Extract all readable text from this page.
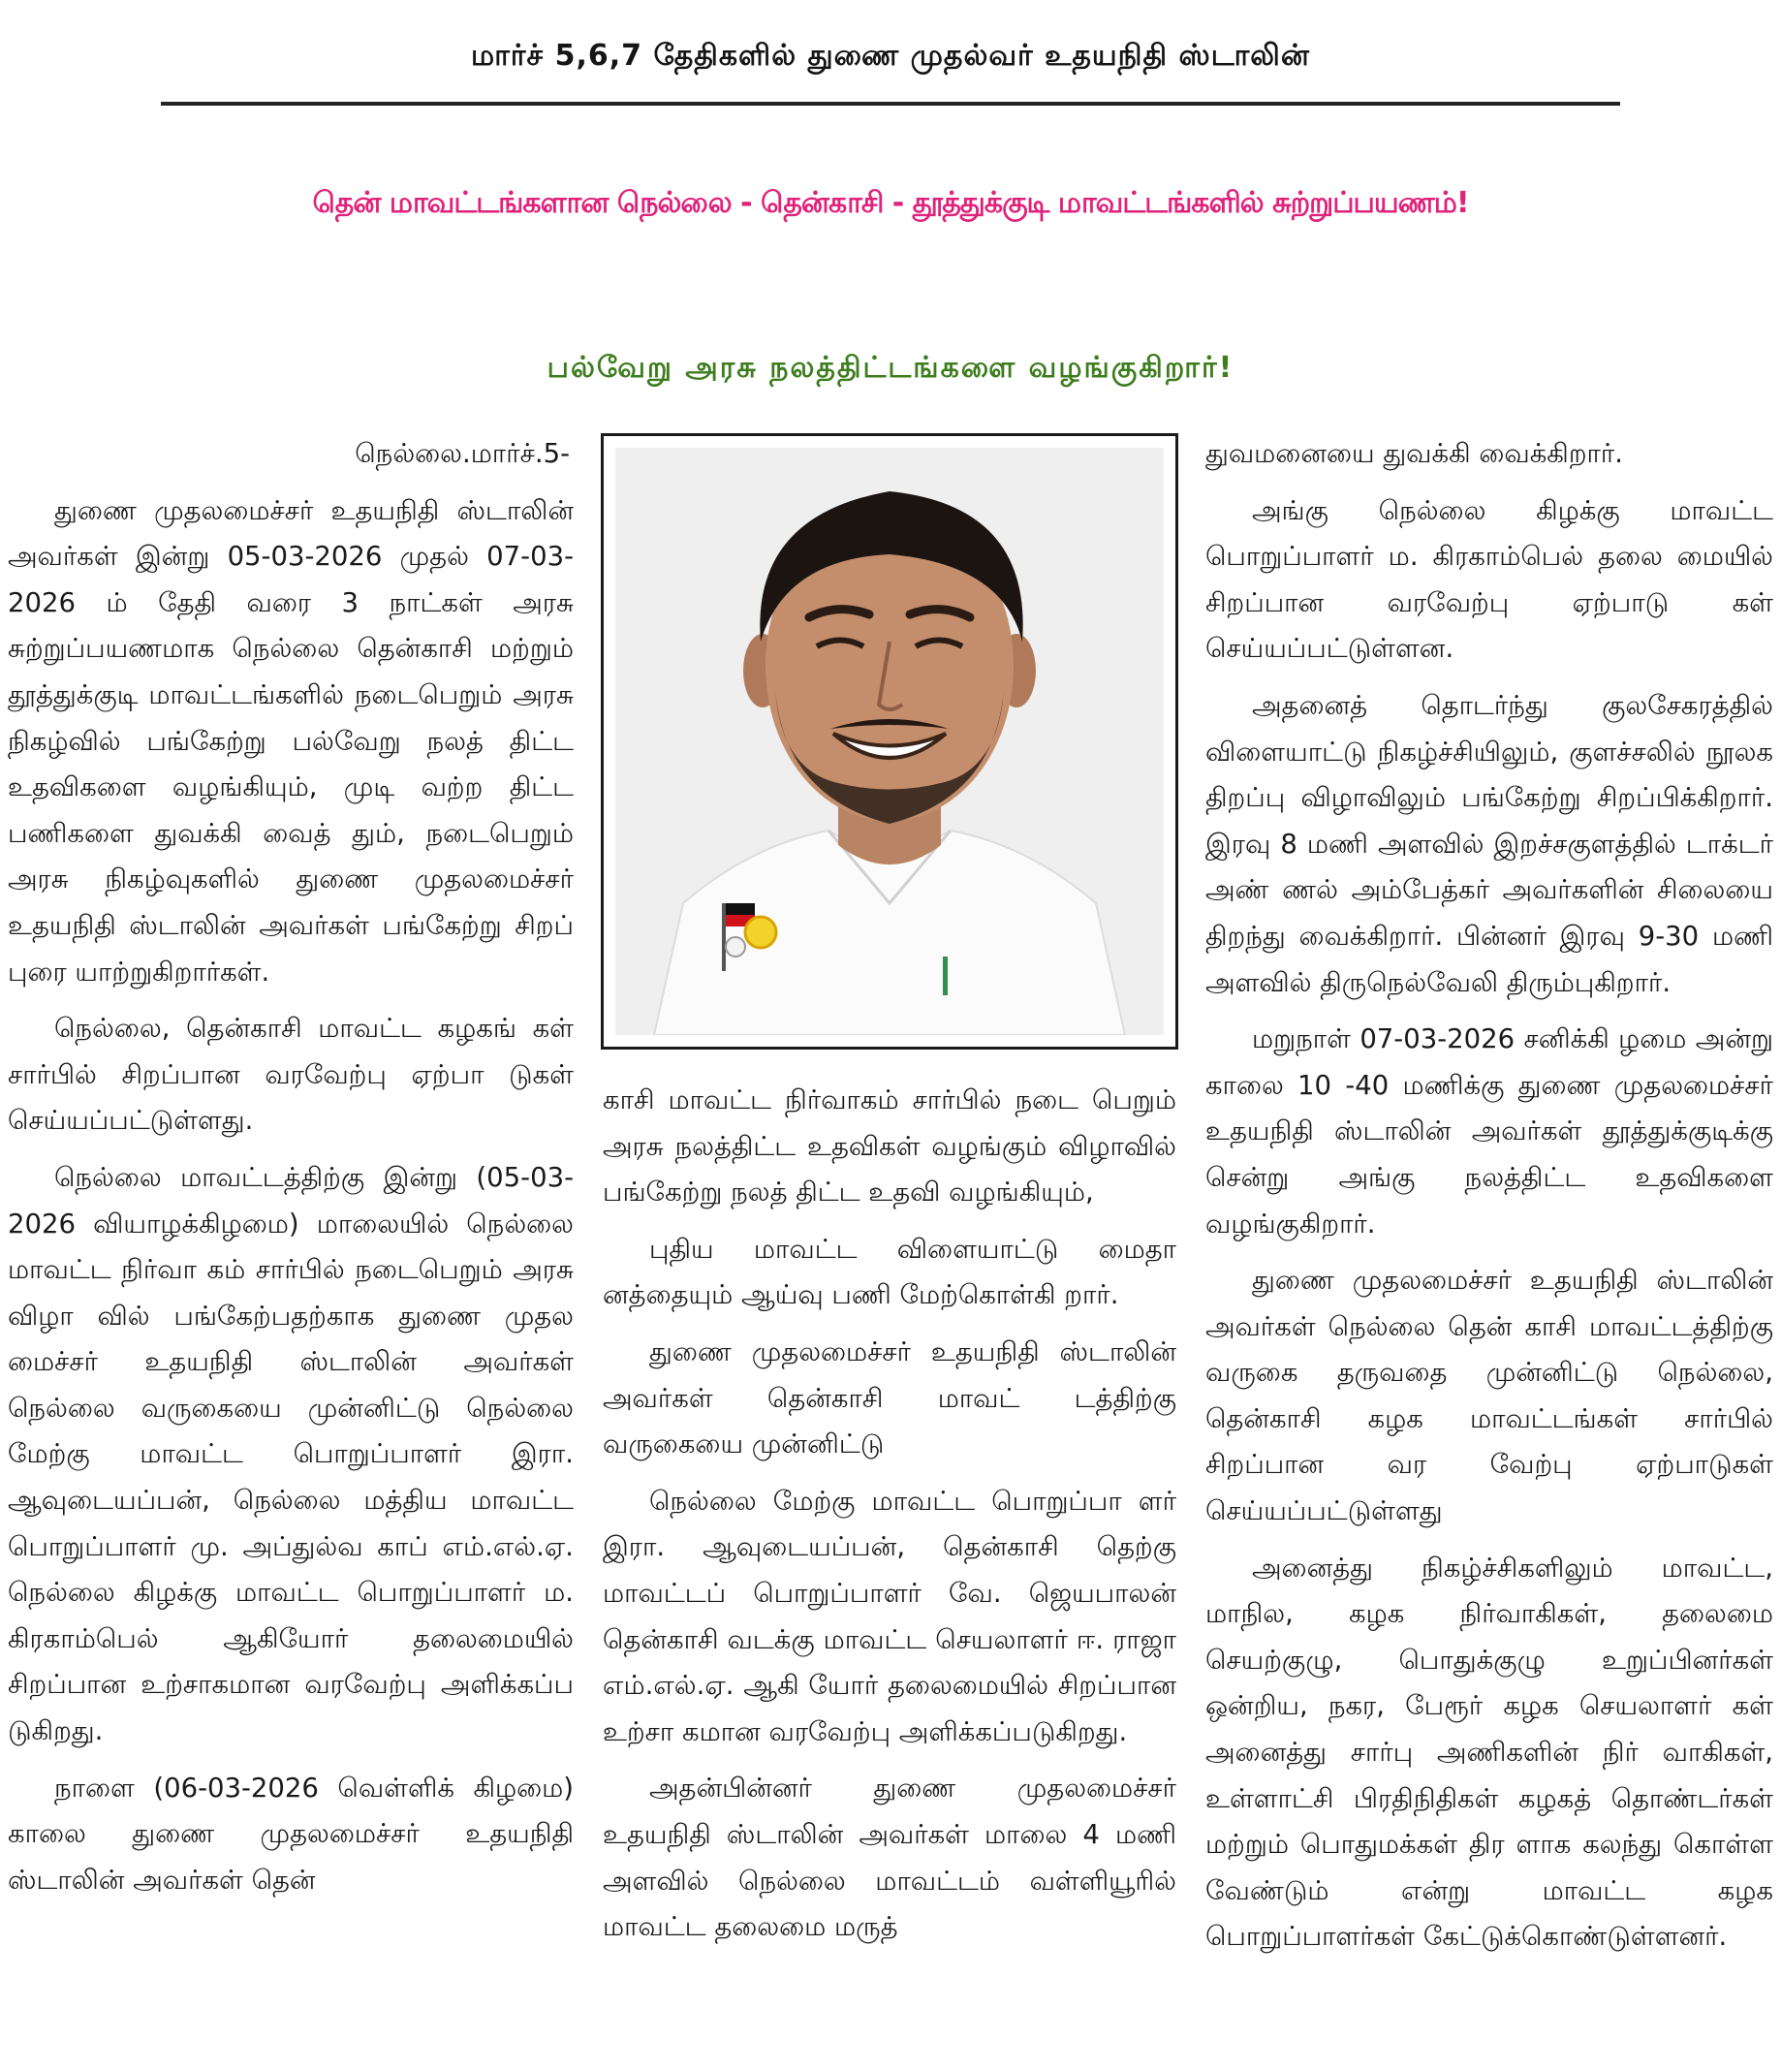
மார்ச் 5,6,7 தேதிகளில் துணை முதல்வர் உதயநிதி ஸ்டாலின்
தென் மாவட்டங்களான நெல்லை - தென்காசி - தூத்துக்குடி மாவட்டங்களில் சுற்றுப்பயணம்!
பல்வேறு அரசு நலத்திட்டங்களை வழங்குகிறார்!

நெல்லை.மார்ச்.5-

துணை முதலமைச்சர் உதயநிதி ஸ்டாலின் அவர்கள் இன்று 05-03-2026 முதல் 07-03-2026 ம் தேதி வரை 3 நாட்கள் அரசு சுற்றுப்பயணமாக நெல்லை தென்காசி மற்றும் தூத்துக்குடி மாவட்டங்களில் நடைபெறும் அரசு நிகழ்வில் பங்கேற்று பல்வேறு நலத் திட்ட உதவிகளை வழங்கியும், முடி வற்ற திட்ட பணிகளை துவக்கி வைத் தும், நடைபெறும் அரசு நிகழ்வுகளில் துணை முதலமைச்சர் உதயநிதி ஸ்டாலின் அவர்கள் பங்கேற்று சிறப் புரை யாற்றுகிறார்கள்.

நெல்லை, தென்காசி மாவட்ட கழகங் கள் சார்பில் சிறப்பான வரவேற்பு ஏற்பா டுகள் செய்யப்பட்டுள்ளது.

நெல்லை மாவட்டத்திற்கு இன்று (05-03-2026 வியாழக்கிழமை) மாலையில் நெல்லை மாவட்ட நிர்வா கம் சார்பில் நடைபெறும் அரசு விழா வில் பங்கேற்பதற்காக துணை முதல மைச்சர் உதயநிதி ஸ்டாலின் அவர்கள் நெல்லை வருகையை முன்னிட்டு நெல்லை மேற்கு மாவட்ட பொறுப்பாளர் இரா. ஆவுடையப்பன், நெல்லை மத்திய மாவட்ட பொறுப்பாளர் மு. அப்துல்வ காப் எம்.எல்.ஏ. நெல்லை கிழக்கு மாவட்ட பொறுப்பாளர் ம. கிரகாம்பெல் ஆகியோர் தலைமையில் சிறப்பான உற்சாகமான வரவேற்பு அளிக்கப்ப டுகிறது.

நாளை (06-03-2026 வெள்ளிக் கிழமை) காலை துணை முதலமைச்சர் உதயநிதி ஸ்டாலின் அவர்கள் தென்

காசி மாவட்ட நிர்வாகம் சார்பில் நடை பெறும் அரசு நலத்திட்ட உதவிகள் வழங்கும் விழாவில் பங்கேற்று நலத் திட்ட உதவி வழங்கியும்,

புதிய மாவட்ட விளையாட்டு மைதா னத்தையும் ஆய்வு பணி மேற்கொள்கி றார்.

துணை முதலமைச்சர் உதயநிதி ஸ்டாலின் அவர்கள் தென்காசி மாவட் டத்திற்கு வருகையை முன்னிட்டு

நெல்லை மேற்கு மாவட்ட பொறுப்பா ளர் இரா. ஆவுடையப்பன், தென்காசி தெற்கு மாவட்டப் பொறுப்பாளர் வே. ஜெயபாலன் தென்காசி வடக்கு மாவட்ட செயலாளர் ஈ. ராஜா எம்.எல்.ஏ. ஆகி யோர் தலைமையில் சிறப்பான உற்சா கமான வரவேற்பு அளிக்கப்படுகிறது.

அதன்பின்னர் துணை முதலமைச்சர் உதயநிதி ஸ்டாலின் அவர்கள் மாலை 4 மணி அளவில் நெல்லை மாவட்டம் வள்ளியூரில் மாவட்ட தலைமை மருத்

துவமனையை துவக்கி வைக்கிறார்.

அங்கு நெல்லை கிழக்கு மாவட்ட பொறுப்பாளர் ம. கிரகாம்பெல் தலை மையில் சிறப்பான வரவேற்பு ஏற்பாடு கள் செய்யப்பட்டுள்ளன.

அதனைத் தொடர்ந்து குலசேகரத்தில் விளையாட்டு நிகழ்ச்சியிலும், குளச்சலில் நூலக திறப்பு விழாவிலும் பங்கேற்று சிறப்பிக்கிறார். இரவு 8 மணி அளவில் இறச்சகுளத்தில் டாக்டர் அண் ணல் அம்பேத்கர் அவர்களின் சிலையை திறந்து வைக்கிறார். பின்னர் இரவு 9-30 மணி அளவில் திருநெல்வேலி திரும்புகிறார்.

மறுநாள் 07-03-2026 சனிக்கி ழமை அன்று காலை 10 -40 மணிக்கு துணை முதலமைச்சர் உதயநிதி ஸ்டாலின் அவர்கள் தூத்துக்குடிக்கு சென்று அங்கு நலத்திட்ட உதவிகளை வழங்குகிறார்.

துணை முதலமைச்சர் உதயநிதி ஸ்டாலின் அவர்கள் நெல்லை தென் காசி மாவட்டத்திற்கு வருகை தருவதை முன்னிட்டு நெல்லை, தென்காசி கழக மாவட்டங்கள் சார்பில் சிறப்பான வர வேற்பு ஏற்பாடுகள் செய்யப்பட்டுள்ளது

அனைத்து நிகழ்ச்சிகளிலும் மாவட்ட, மாநில, கழக நிர்வாகிகள், தலைமை செயற்குழு, பொதுக்குழு உறுப்பினர்கள் ஒன்றிய, நகர, பேரூர் கழக செயலாளர் கள் அனைத்து சார்பு அணிகளின் நிர் வாகிகள், உள்ளாட்சி பிரதிநிதிகள் கழகத் தொண்டர்கள் மற்றும் பொதுமக்கள் திர ளாக கலந்து கொள்ள வேண்டும் என்று மாவட்ட கழக பொறுப்பாளர்கள் கேட்டுக்கொண்டுள்ளனர்.
